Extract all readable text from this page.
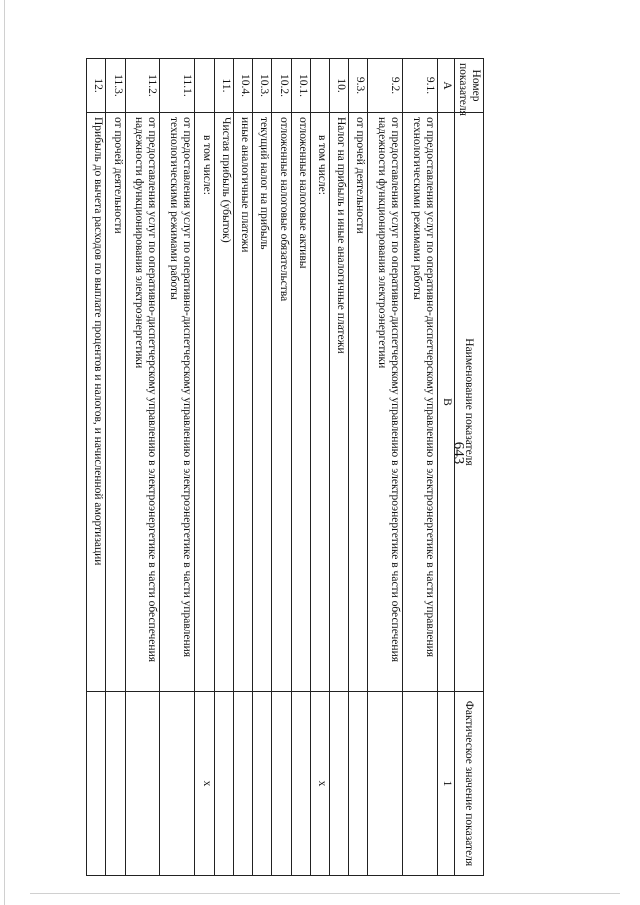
643
Номер показателя	Наименование показателя	Фактическое значение показателя
А	В	1
9.1.	от предоставления услуг по оперативно-диспетчерскому управлению в электроэнергетике в части управления технологическими режимами работы	
9.2.	от предоставления услуг по оперативно-диспетчерскому управлению в электроэнергетике в части обеспечения надежности функционирования электроэнергетики	
9.3.	от прочей деятельности	
10.	Налог на прибыль и иные аналогичные платежи	
	в том числе:	x
10.1.	отложенные налоговые активы	
10.2.	отложенные налоговые обязательства	
10.3.	текущий налог на прибыль	
10.4.	иные аналогичные платежи	
11.	Чистая прибыль (убыток)	
	в том числе:	x
11.1.	от предоставления услуг по оперативно-диспетчерскому управлению в электроэнергетике в части управления технологическими режимами работы	
11.2.	от предоставления услуг по оперативно-диспетчерскому управлению в электроэнергетике в части обеспечения надежности функционирования электроэнергетики	
11.3.	от прочей деятельности	
12.	Прибыль до вычета расходов по выплате процентов и налогов, и начисленной амортизации	
